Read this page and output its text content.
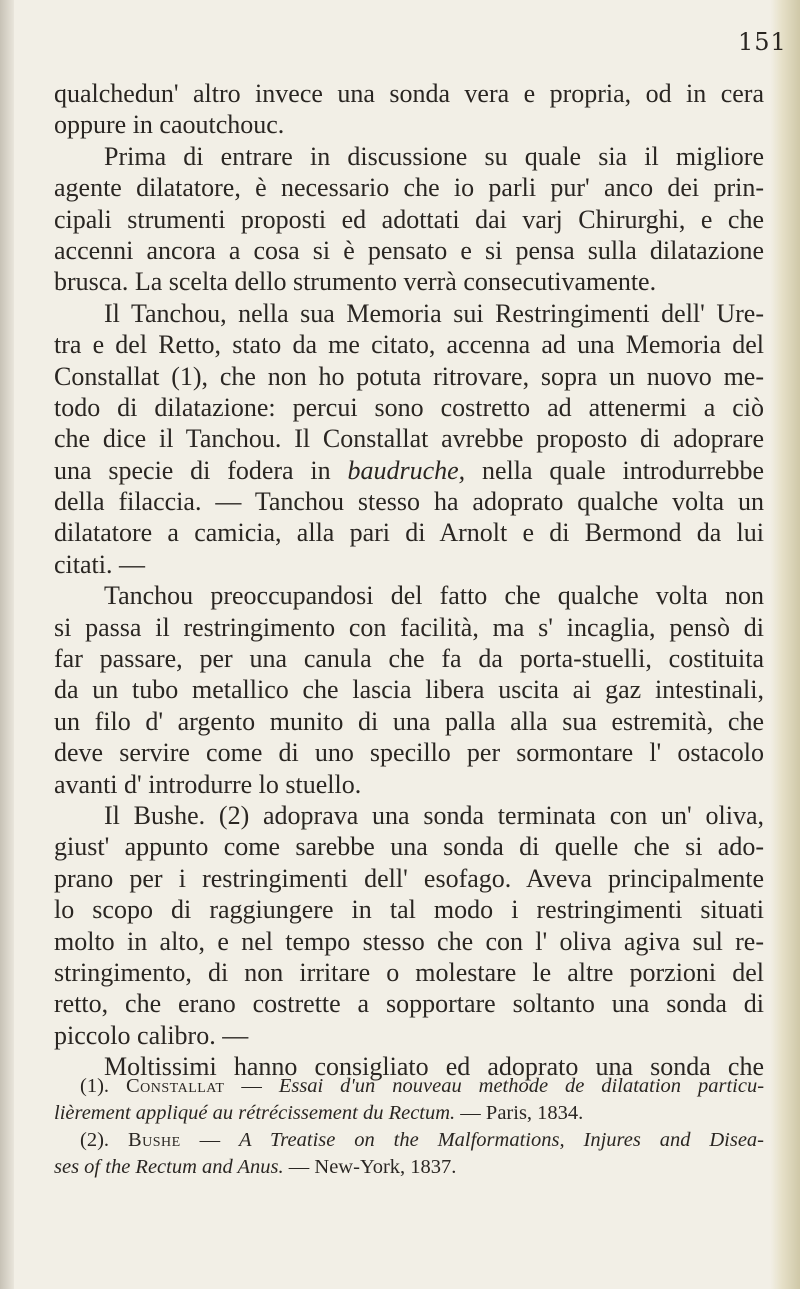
151
qualchedun' altro invece una sonda vera e propria, od in cera
oppure in caoutchouc.
Prima di entrare in discussione su quale sia il migliore
agente dilatatore, è necessario che io parli pur' anco dei prin-
cipali strumenti proposti ed adottati dai varj Chirurghi, e che
accenni ancora a cosa si è pensato e si pensa sulla dilatazione
brusca. La scelta dello strumento verrà consecutivamente.
Il Tanchou, nella sua Memoria sui Restringimenti dell' Ure-
tra e del Retto, stato da me citato, accenna ad una Memoria del
Constallat (1), che non ho potuta ritrovare, sopra un nuovo me-
todo di dilatazione: percui sono costretto ad attenermi a ciò
che dice il Tanchou. Il Constallat avrebbe proposto di adoprare
una specie di fodera in baudruche, nella quale introdurrebbe
della filaccia. — Tanchou stesso ha adoprato qualche volta un
dilatatore a camicia, alla pari di Arnolt e di Bermond da lui
citati. —
Tanchou preoccupandosi del fatto che qualche volta non
si passa il restringimento con facilità, ma s' incaglia, pensò di
far passare, per una canula che fa da porta-stuelli, costituita
da un tubo metallico che lascia libera uscita ai gaz intestinali,
un filo d' argento munito di una palla alla sua estremità, che
deve servire come di uno specillo per sormontare l' ostacolo
avanti d' introdurre lo stuello.
Il Bushe. (2) adoprava una sonda terminata con un' oliva,
giust' appunto come sarebbe una sonda di quelle che si ado-
prano per i restringimenti dell' esofago. Aveva principalmente
lo scopo di raggiungere in tal modo i restringimenti situati
molto in alto, e nel tempo stesso che con l' oliva agiva sul re-
stringimento, di non irritare o molestare le altre porzioni del
retto, che erano costrette a sopportare soltanto una sonda di
piccolo calibro. —
Moltissimi hanno consigliato ed adoprato una sonda che
(1). Constallat — Essai d'un nouveau methode de dilatation particu-
lièrement appliqué au rétrécissement du Rectum. — Paris, 1834.
(2). Bushe — A Treatise on the Malformations, Injures and Disea-
ses of the Rectum and Anus. — New-York, 1837.
